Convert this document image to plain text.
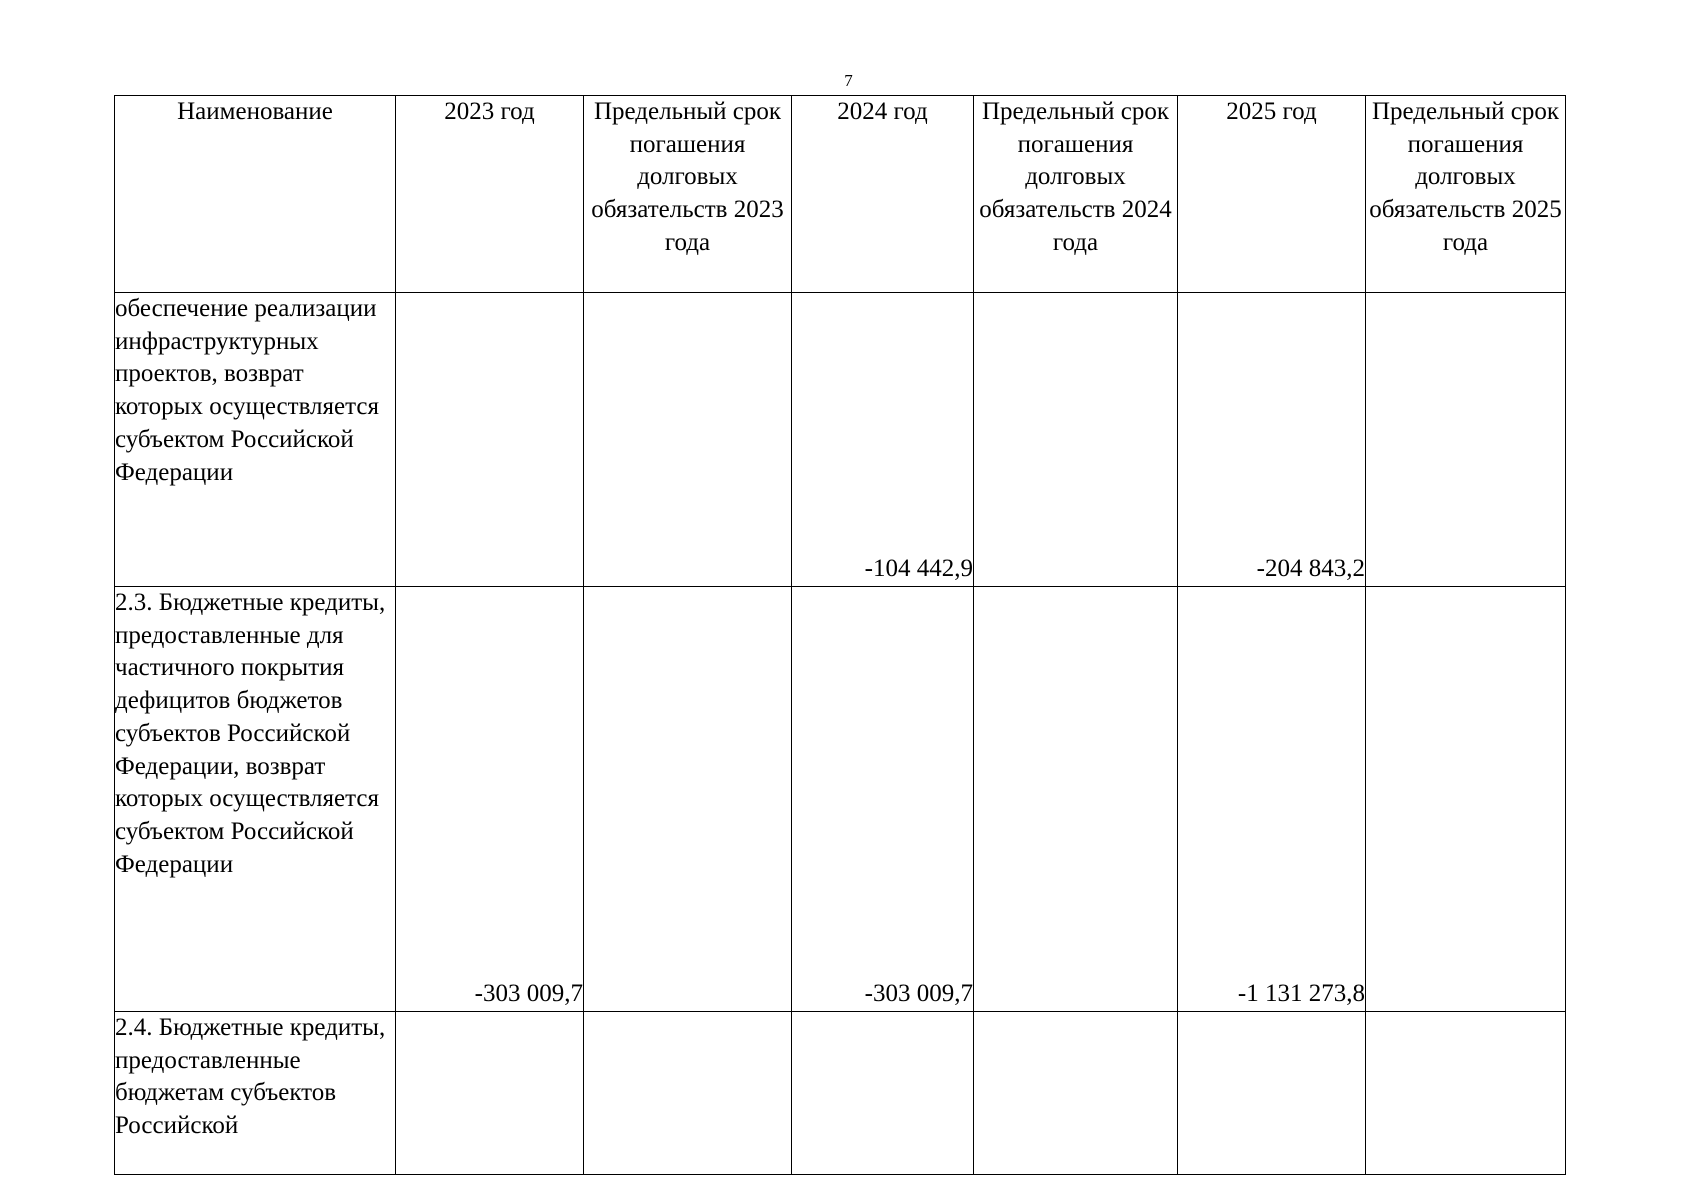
7
Наименование	2023 год	Предельный срок погашения долговых обязательств 2023 года	2024 год	Предельный срок погашения долговых обязательств 2024 года	2025 год	Предельный срок погашения долговых обязательств 2025 года
обеспечение реализации инфраструктурных проектов, возврат которых осуществляется субъектом Российской Федерации			-104 442,9		-204 843,2	
2.3. Бюджетные кредиты, предоставленные для частичного покрытия дефицитов бюджетов субъектов Российской Федерации, возврат которых осуществляется субъектом Российской Федерации	-303 009,7		-303 009,7		-1 131 273,8	
2.4. Бюджетные кредиты, предоставленные бюджетам субъектов Российской						
